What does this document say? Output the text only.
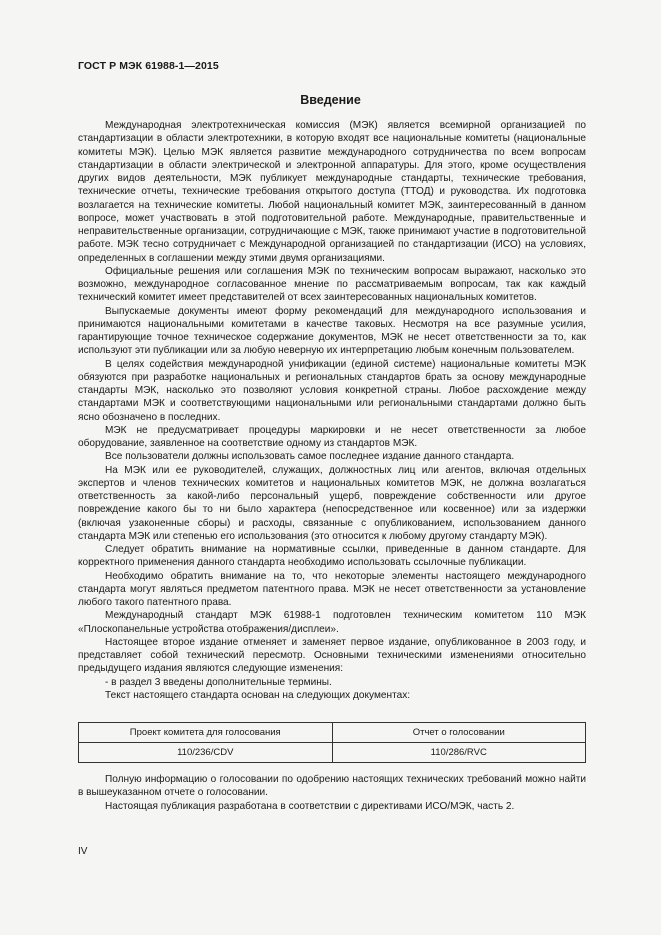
ГОСТ Р МЭК 61988-1—2015
Введение

Международная электротехническая комиссия (МЭК) является всемирной организацией по стандартизации в области электротехники, в которую входят все национальные комитеты (национальные комитеты МЭК). Целью МЭК является развитие международного сотрудничества по всем вопросам стандартизации в области электрической и электронной аппаратуры. Для этого, кроме осуществления других видов деятельности, МЭК публикует международные стандарты, технические требования, технические отчеты, технические требования открытого доступа (ТТОД) и руководства. Их подготовка возлагается на технические комитеты. Любой национальный комитет МЭК, заинтересованный в данном вопросе, может участвовать в этой подготовительной работе. Международные, правительственные и неправительственные организации, сотрудничающие с МЭК, также принимают участие в подготовительной работе. МЭК тесно сотрудничает с Международной организацией по стандартизации (ИСО) на условиях, определенных в соглашении между этими двумя организациями.

Официальные решения или соглашения МЭК по техническим вопросам выражают, насколько это возможно, международное согласованное мнение по рассматриваемым вопросам, так как каждый технический комитет имеет представителей от всех заинтересованных национальных комитетов.

Выпускаемые документы имеют форму рекомендаций для международного использования и принимаются национальными комитетами в качестве таковых. Несмотря на все разумные усилия, гарантирующие точное техническое содержание документов, МЭК не несет ответственности за то, как используют эти публикации или за любую неверную их интерпретацию любым конечным пользователем.

В целях содействия международной унификации (единой системе) национальные комитеты МЭК обязуются при разработке национальных и региональных стандартов брать за основу международные стандарты МЭК, насколько это позволяют условия конкретной страны. Любое расхождение между стандартами МЭК и соответствующими национальными или региональными стандартами должно быть ясно обозначено в последних.

МЭК не предусматривает процедуры маркировки и не несет ответственности за любое оборудование, заявленное на соответствие одному из стандартов МЭК.

Все пользователи должны использовать самое последнее издание данного стандарта.

На МЭК или ее руководителей, служащих, должностных лиц или агентов, включая отдельных экспертов и членов технических комитетов и национальных комитетов МЭК, не должна возлагаться ответственность за какой-либо персональный ущерб, повреждение собственности или другое повреждение какого бы то ни было характера (непосредственное или косвенное) или за издержки (включая узаконенные сборы) и расходы, связанные с опубликованием, использованием данного стандарта МЭК или степенью его использования (это относится к любому другому стандарту МЭК).

Следует обратить внимание на нормативные ссылки, приведенные в данном стандарте. Для корректного применения данного стандарта необходимо использовать ссылочные публикации.

Необходимо обратить внимание на то, что некоторые элементы настоящего международного стандарта могут являться предметом патентного права. МЭК не несет ответственности за установление любого такого патентного права.

Международный стандарт МЭК 61988-1 подготовлен техническим комитетом 110 МЭК «Плоскопанельные устройства отображения/дисплеи».

Настоящее второе издание отменяет и заменяет первое издание, опубликованное в 2003 году, и представляет собой технический пересмотр. Основными техническими изменениями относительно предыдущего издания являются следующие изменения:

- в раздел 3 введены дополнительные термины.

Текст настоящего стандарта основан на следующих документах:

Проект комитета для голосования	Отчет о голосовании
110/236/CDV	110/286/RVC

Полную информацию о голосовании по одобрению настоящих технических требований можно найти в вышеуказанном отчете о голосовании.

Настоящая публикация разработана в соответствии с директивами ИСО/МЭК, часть 2.

IV
